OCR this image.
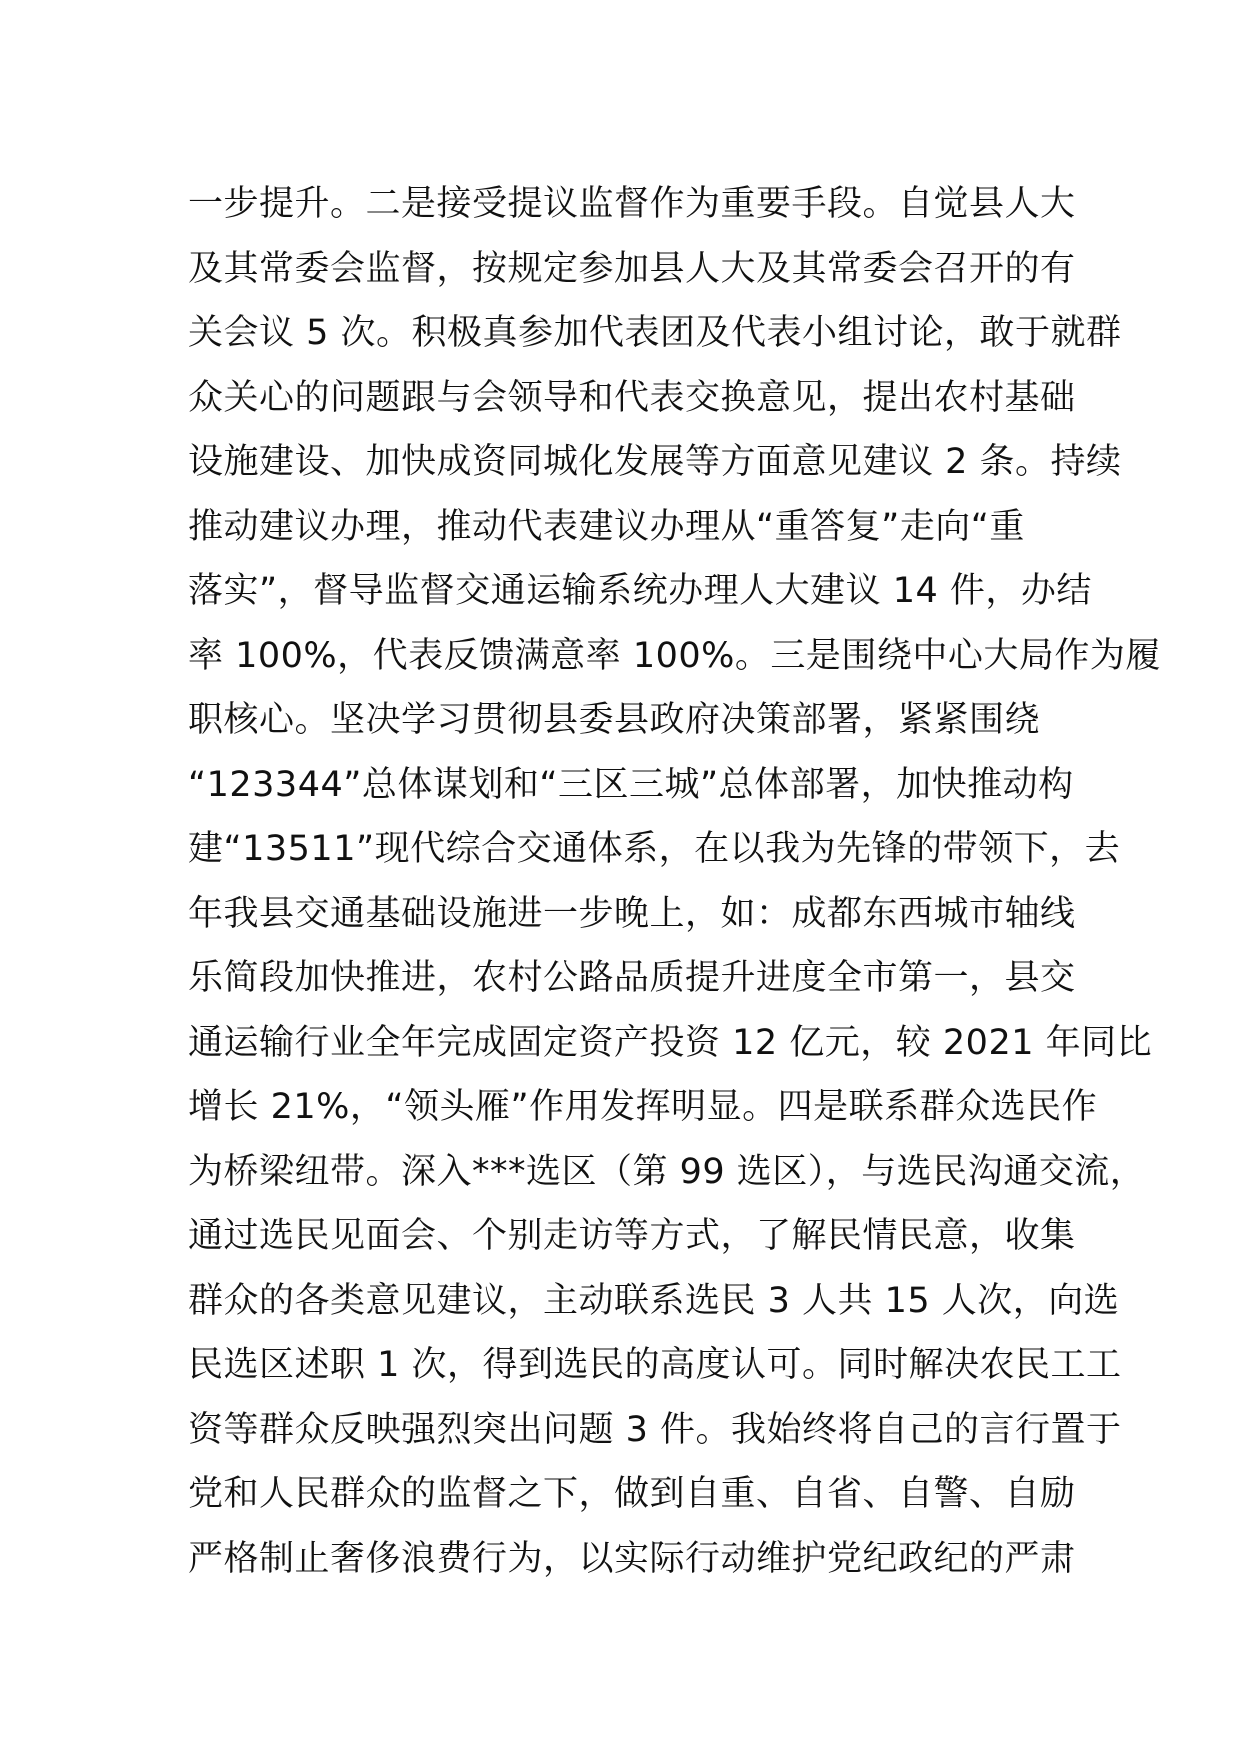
一步提升。二是接受提议监督作为重要手段。自觉县人大
及其常委会监督，按规定参加县人大及其常委会召开的有
关会议 5 次。积极真参加代表团及代表小组讨论，敢于就群
众关心的问题跟与会领导和代表交换意见，提出农村基础
设施建设、加快成资同城化发展等方面意见建议 2 条。持续
推动建议办理，推动代表建议办理从“重答复”走向“重
落实”，督导监督交通运输系统办理人大建议 14 件，办结
率 100%，代表反馈满意率 100%。三是围绕中心大局作为履
职核心。坚决学习贯彻县委县政府决策部署，紧紧围绕
“123344”总体谋划和“三区三城”总体部署，加快推动构
建“13511”现代综合交通体系，在以我为先锋的带领下，去
年我县交通基础设施进一步晚上，如：成都东西城市轴线
乐简段加快推进，农村公路品质提升进度全市第一，县交
通运输行业全年完成固定资产投资 12 亿元，较 2021 年同比
增长 21%，“领头雁”作用发挥明显。四是联系群众选民作
为桥梁纽带。深入***选区（第 99 选区），与选民沟通交流，
通过选民见面会、个别走访等方式，了解民情民意，收集
群众的各类意见建议，主动联系选民 3 人共 15 人次，向选
民选区述职 1 次，得到选民的高度认可。同时解决农民工工
资等群众反映强烈突出问题 3 件。我始终将自己的言行置于
党和人民群众的监督之下，做到自重、自省、自警、自励
严格制止奢侈浪费行为，以实际行动维护党纪政纪的严肃
